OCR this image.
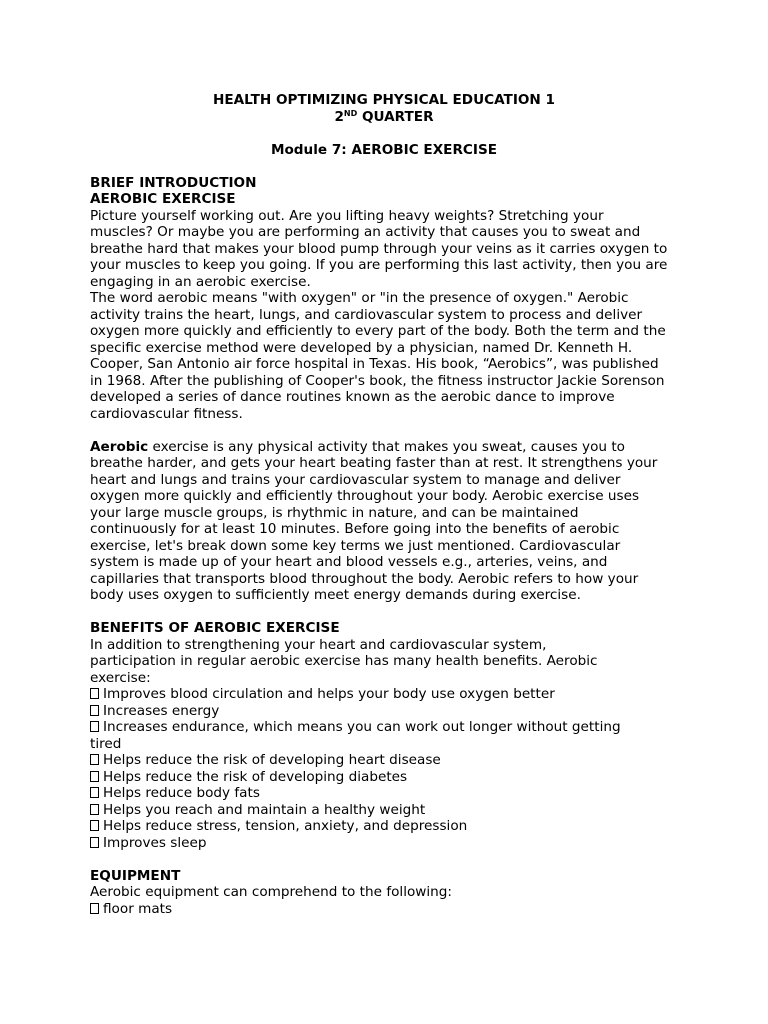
HEALTH OPTIMIZING PHYSICAL EDUCATION 1
2ND QUARTER
Module 7: AEROBIC EXERCISE
BRIEF INTRODUCTION
AEROBIC EXERCISE
Picture yourself working out. Are you lifting heavy weights? Stretching your
muscles? Or maybe you are performing an activity that causes you to sweat and
breathe hard that makes your blood pump through your veins as it carries oxygen to
your muscles to keep you going. If you are performing this last activity, then you are
engaging in an aerobic exercise.
The word aerobic means "with oxygen" or "in the presence of oxygen." Aerobic
activity trains the heart, lungs, and cardiovascular system to process and deliver
oxygen more quickly and efficiently to every part of the body. Both the term and the
specific exercise method were developed by a physician, named Dr. Kenneth H.
Cooper, San Antonio air force hospital in Texas. His book, “Aerobics”, was published
in 1968. After the publishing of Cooper's book, the fitness instructor Jackie Sorenson
developed a series of dance routines known as the aerobic dance to improve
cardiovascular fitness.
Aerobic exercise is any physical activity that makes you sweat, causes you to
breathe harder, and gets your heart beating faster than at rest. It strengthens your
heart and lungs and trains your cardiovascular system to manage and deliver
oxygen more quickly and efficiently throughout your body. Aerobic exercise uses
your large muscle groups, is rhythmic in nature, and can be maintained
continuously for at least 10 minutes. Before going into the benefits of aerobic
exercise, let's break down some key terms we just mentioned. Cardiovascular
system is made up of your heart and blood vessels e.g., arteries, veins, and
capillaries that transports blood throughout the body. Aerobic refers to how your
body uses oxygen to sufficiently meet energy demands during exercise.
BENEFITS OF AEROBIC EXERCISE
In addition to strengthening your heart and cardiovascular system,
participation in regular aerobic exercise has many health benefits. Aerobic
exercise:
Improves blood circulation and helps your body use oxygen better
Increases energy
Increases endurance, which means you can work out longer without getting
tired
Helps reduce the risk of developing heart disease
Helps reduce the risk of developing diabetes
Helps reduce body fats
Helps you reach and maintain a healthy weight
Helps reduce stress, tension, anxiety, and depression
Improves sleep
EQUIPMENT
Aerobic equipment can comprehend to the following:
floor mats
